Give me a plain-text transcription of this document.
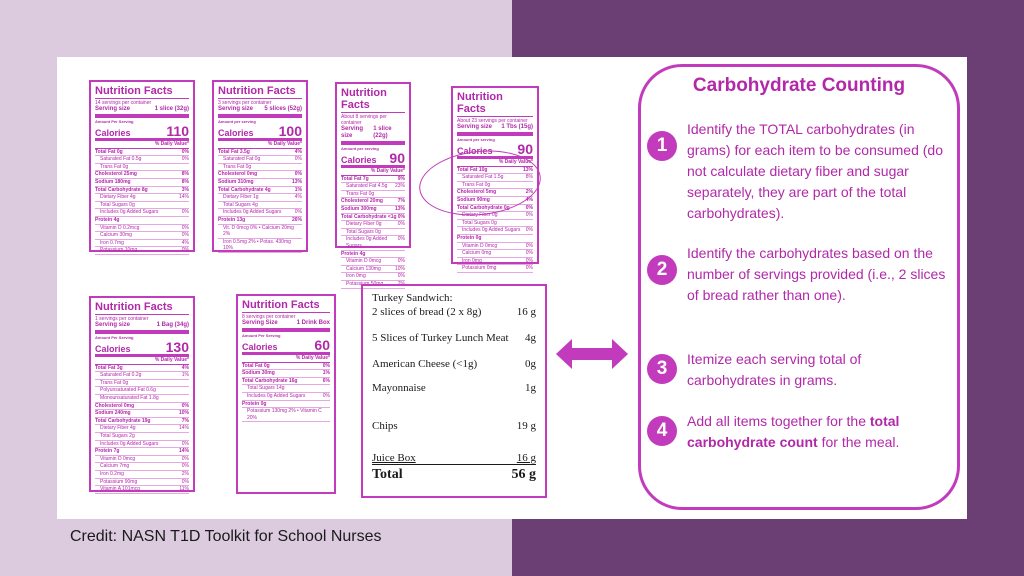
Nutrition Facts
14 servings per container
Serving size	1 slice (32g)
Amount Per Serving
Calories	110
% Daily Value*
Total Fat 0g	0%
Saturated Fat 0.5g	0%
Trans Fat 0g
Cholesterol 25mg	8%
Sodium 180mg	8%
Total Carbohydrate 8g	3%
Dietary Fiber 4g	14%
Total Sugars 0g
Includes 0g Added Sugars	0%
Protein 4g
Vitamin D 0.2mcg	0%
Calcium 30mg	0%
Iron 0.7mg	4%
Potassium 10mg	0%
Nutrition Facts
3 servings per container
Serving size 5 slices (52g)
Amount per serving
Calories 100
% Daily Value*
Total Fat 3.5g	4%
Saturated Fat 0g	0%
Trans Fat 0g
Cholesterol 0mg	0%
Sodium 310mg	13%
Total Carbohydrate 4g	1%
Dietary Fiber 1g	4%
Total Sugars 4g
Includes 0g Added Sugars	0%
Protein 13g	26%
Vit. D 0mcg 0% • Calcium 20mg 2%
Iron 0.5mg 2% • Potas. 430mg 10%
Nutrition Facts
About 8 servings per container
Serving size
1 slice (22g)
Amount per serving
Calories 90
% Daily Value*
Total Fat 7g	9%
Saturated Fat 4.5g 23%
Trans Fat 0g
Cholesterol 20mg	7%
Sodium 300mg	13%
Total Carbohydrate <1g 0%
Dietary Fiber 0g	0%
Total Sugars 0g
Includes 0g Added Sugars
0%
Protein 4g
Vitamin D 0mcg	0%
Calcium 130mg	10%
Iron 0mg	0%
Potassium 50mg	2%
Nutrition Facts
About 23 servings per container
Serving size 1 Tbs (15g)
Amount per serving
Calories 90
% Daily Value*
Total Fat 10g	13%
Saturated Fat 1.5g	8%
Trans Fat 0g
Cholesterol 5mg	2%
Sodium 90mg	4%
Total Carbohydrate 0g	0%
Dietary Fiber 0g	0%
Total Sugars 0g
Includes 0g Added Sugars 0%
Protein 0g
Vitamin D 0mcg	0%
Calcium 0mg	0%
Iron 0mg	0%
Potassium 0mg	0%
Nutrition Facts
1 servings per container
Serving size	1 Bag (34g)
Amount Per Serving
Calories	130
% Daily Value*
Total Fat 3g	4%
Saturated Fat 0.2g	1%
Trans Fat 0g
Polyunsaturated Fat 0.6g
Monounsaturated Fat 1.8g
Cholesterol 0mg	0%
Sodium 240mg	10%
Total Carbohydrate 19g	7%
Dietary Fiber 4g	14%
Total Sugars 2g
Includes 0g Added Sugars	0%
Protein 7g	14%
Vitamin D 0mcg	0%
Calcium 7mg	0%
Iron 0.2mg	2%
Potassium 90mg	0%
Vitamin A 101mcg	11%
Nutrition Facts
8 servings per container
Serving Size	1 Drink Box
Amount Per Serving
Calories	60
% Daily Value*
Total Fat 0g	0%
Sodium 30mg	1%
Total Carbohydrate 16g	6%
Total Sugars 14g
Includes 0g Added Sugars	0%
Protein 0g
Potassium 130mg 2% • Vitamin C 20%
Turkey Sandwich:
2 slices of bread (2 x 8g)	16 g
5 Slices of Turkey Lunch Meat 4g
American Cheese (<1g)	0g
Mayonnaise	1g
Chips	19 g
Juice Box	16 g
Total	56 g
Carbohydrate Counting
1
Identify the TOTAL carbohydrates (in grams) for each item to be consumed (do not calculate dietary fiber and sugar separately, they are part of the total carbohydrates).
2
Identify the carbohydrates based on the number of servings provided (i.e., 2 slices of bread rather than one).
3	Itemize each serving total of carbohydrates in grams.
4	Add all items together for the total carbohydrate count for the meal.
Credit: NASN T1D Toolkit for School Nurses
